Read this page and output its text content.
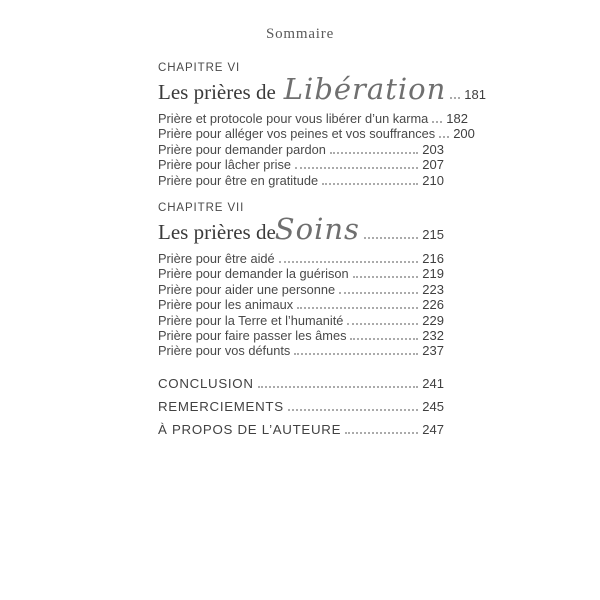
Sommaire
CHAPITRE VI
Les prières de Libération 181
Prière et protocole pour vous libérer d’un karma 182
Prière pour alléger vos peines et vos souffrances 200
Prière pour demander pardon	203
Prière pour lâcher prise	207
Prière pour être en gratitude	210
CHAPITRE VII
Les prières de Soins	215
Prière pour être aidé	216
Prière pour demander la guérison	219
Prière pour aider une personne	223
Prière pour les animaux	226
Prière pour la Terre et l’humanité	229
Prière pour faire passer les âmes	232
Prière pour vos défunts	237
CONCLUSION	241
REMERCIEMENTS	245
À PROPOS DE L’AUTEURE	247
